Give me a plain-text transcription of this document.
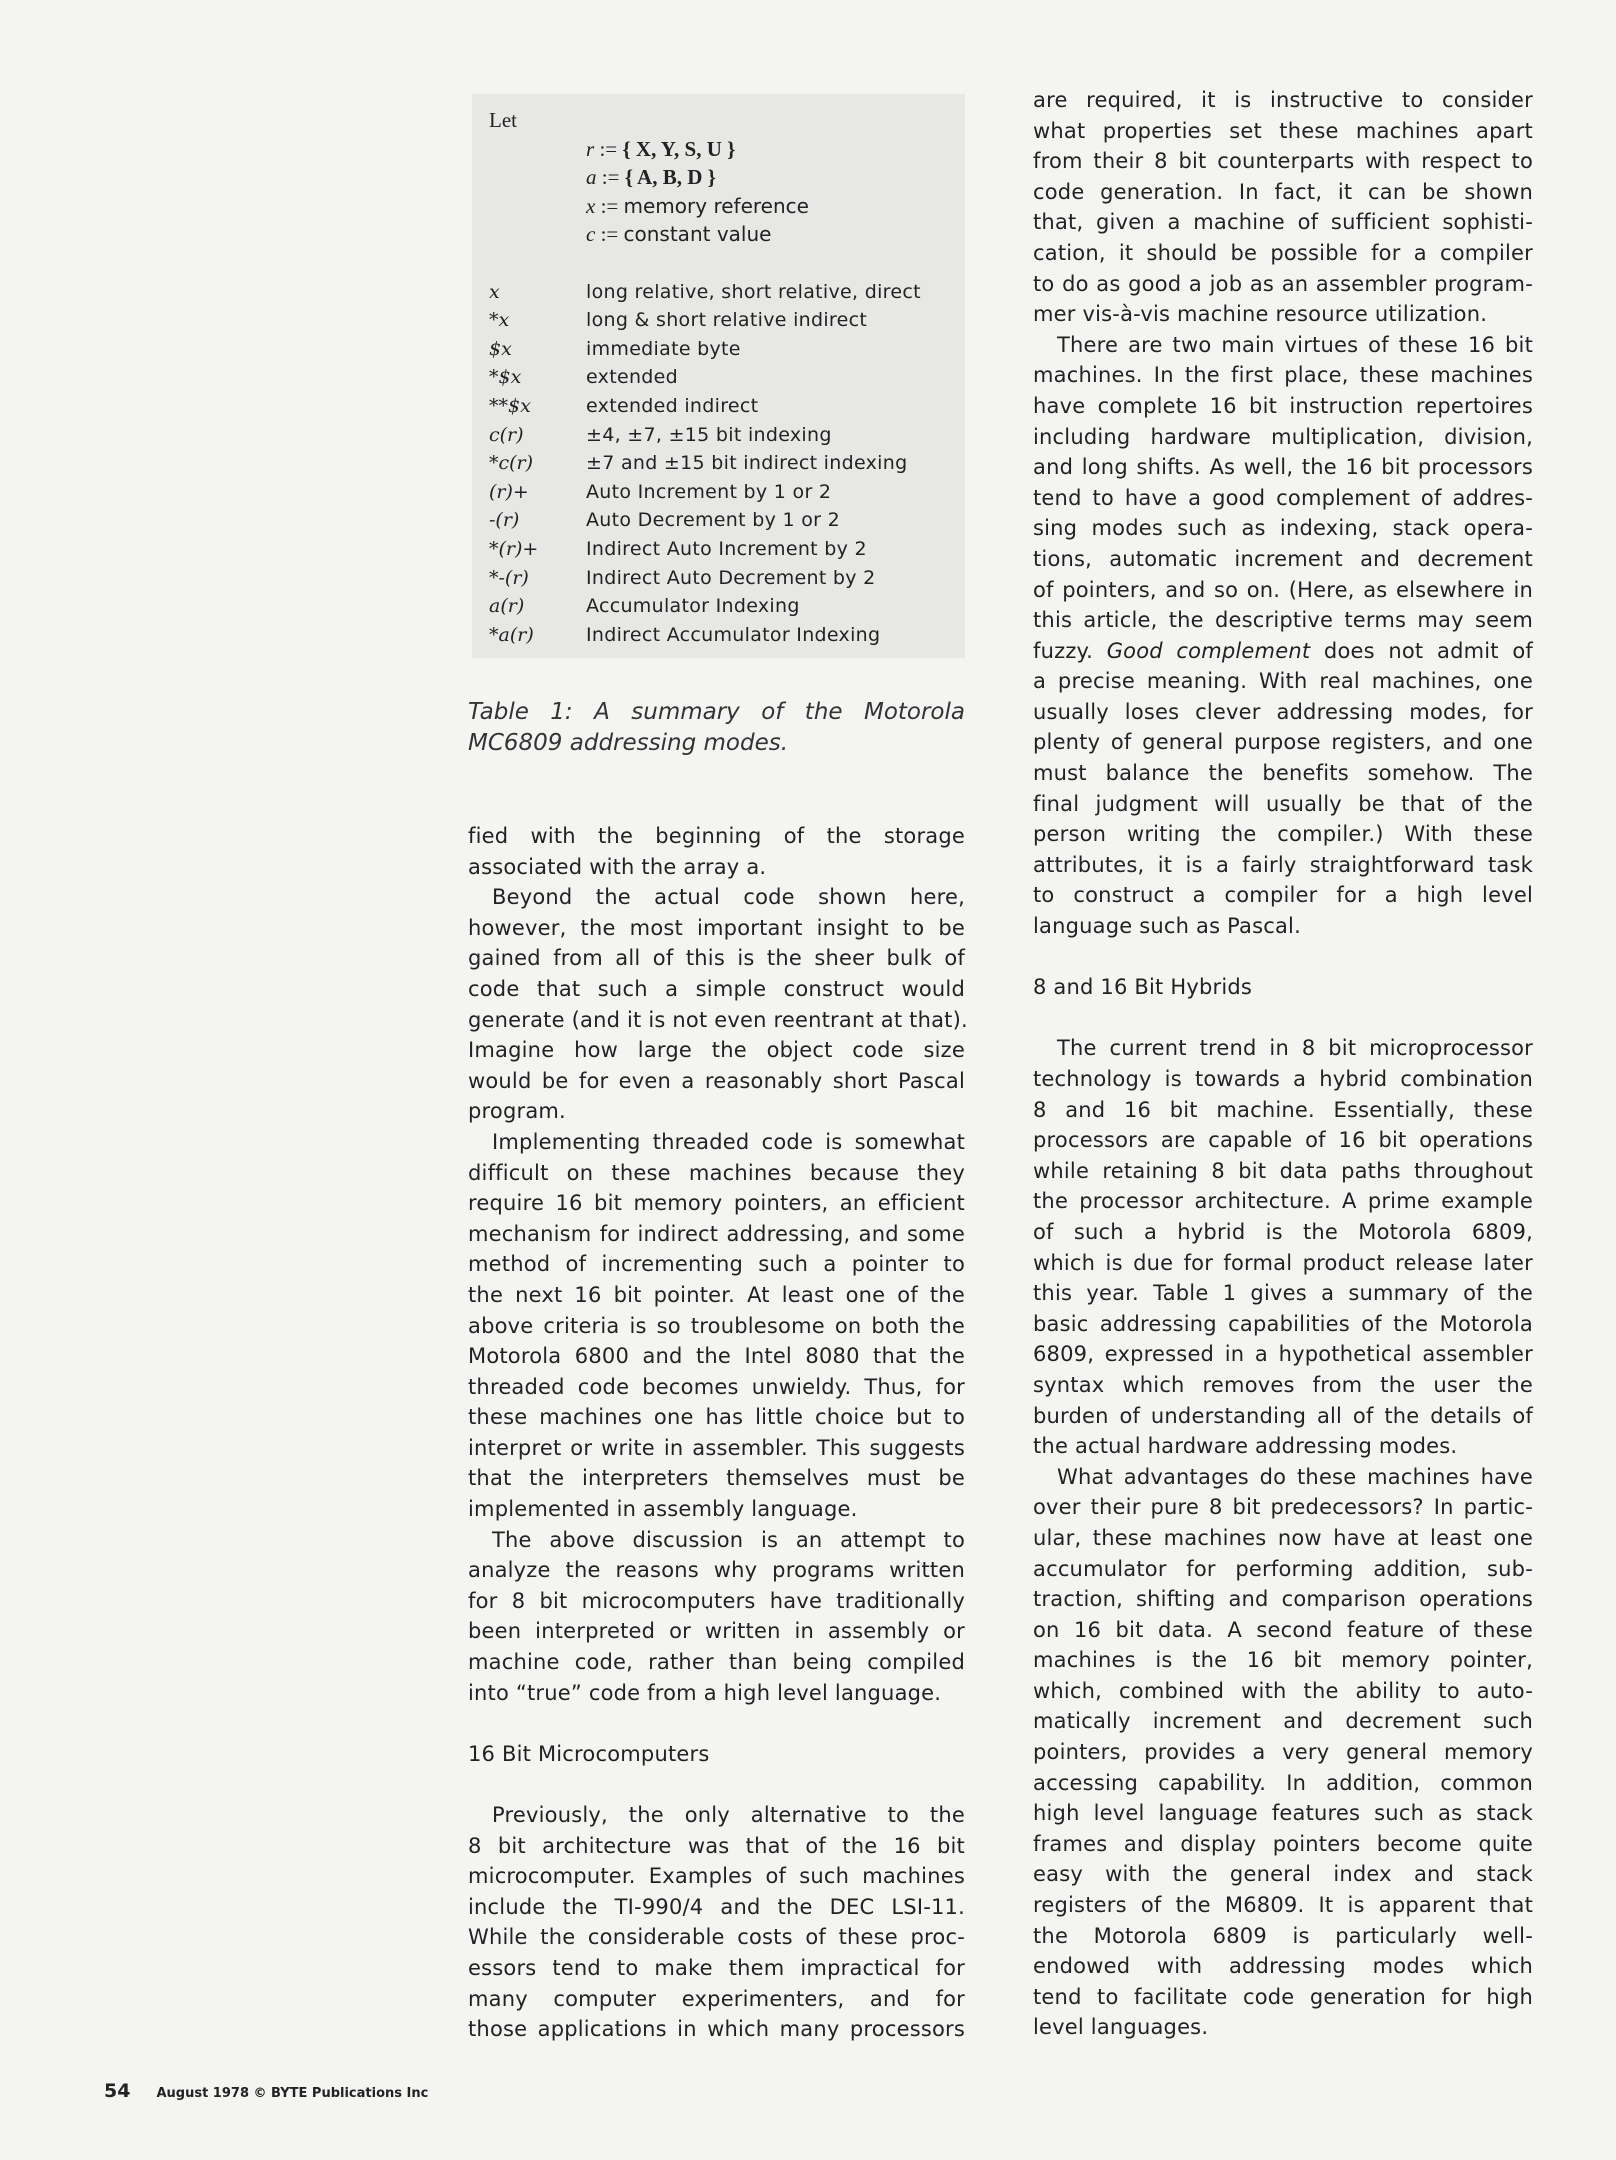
Let
r := { X, Y, S, U }
a := { A, B, D }
x := memory reference
c := constant value
x	long relative, short relative, direct
*x	long & short relative indirect
$x	immediate byte
*$x	extended
**$x	extended indirect
c(r)	±4, ±7, ±15 bit indexing
*c(r)	±7 and ±15 bit indirect indexing
(r)+	Auto Increment by 1 or 2
-(r)	Auto Decrement by 1 or 2
*(r)+	Indirect Auto Increment by 2
*-(r)	Indirect Auto Decrement by 2
a(r)	Accumulator Indexing
*a(r)	Indirect Accumulator Indexing
Table 1: A summary of the Motorola
MC6809 addressing modes.
fied with the beginning of the storage
associated with the array a.
Beyond the actual code shown here,
however, the most important insight to be
gained from all of this is the sheer bulk of
code that such a simple construct would
generate (and it is not even reentrant at that).
Imagine how large the object code size
would be for even a reasonably short Pascal
program.
Implementing threaded code is somewhat
difficult on these machines because they
require 16 bit memory pointers, an efficient
mechanism for indirect addressing, and some
method of incrementing such a pointer to
the next 16 bit pointer. At least one of the
above criteria is so troublesome on both the
Motorola 6800 and the Intel 8080 that the
threaded code becomes unwieldy. Thus, for
these machines one has little choice but to
interpret or write in assembler. This suggests
that the interpreters themselves must be
implemented in assembly language.
The above discussion is an attempt to
analyze the reasons why programs written
for 8 bit microcomputers have traditionally
been interpreted or written in assembly or
machine code, rather than being compiled
into “true” code from a high level language.
16 Bit Microcomputers
Previously, the only alternative to the
8 bit architecture was that of the 16 bit
microcomputer. Examples of such machines
include the TI-990/4 and the DEC LSI-11.
While the considerable costs of these proc-
essors tend to make them impractical for
many computer experimenters, and for
those applications in which many processors
are required, it is instructive to consider
what properties set these machines apart
from their 8 bit counterparts with respect to
code generation. In fact, it can be shown
that, given a machine of sufficient sophisti-
cation, it should be possible for a compiler
to do as good a job as an assembler program-
mer vis-à-vis machine resource utilization.
There are two main virtues of these 16 bit
machines. In the first place, these machines
have complete 16 bit instruction repertoires
including hardware multiplication, division,
and long shifts. As well, the 16 bit processors
tend to have a good complement of addres-
sing modes such as indexing, stack opera-
tions, automatic increment and decrement
of pointers, and so on. (Here, as elsewhere in
this article, the descriptive terms may seem
fuzzy. Good complement does not admit of
a precise meaning. With real machines, one
usually loses clever addressing modes, for
plenty of general purpose registers, and one
must balance the benefits somehow. The
final judgment will usually be that of the
person writing the compiler.) With these
attributes, it is a fairly straightforward task
to construct a compiler for a high level
language such as Pascal.
8 and 16 Bit Hybrids
The current trend in 8 bit microprocessor
technology is towards a hybrid combination
8 and 16 bit machine. Essentially, these
processors are capable of 16 bit operations
while retaining 8 bit data paths throughout
the processor architecture. A prime example
of such a hybrid is the Motorola 6809,
which is due for formal product release later
this year. Table 1 gives a summary of the
basic addressing capabilities of the Motorola
6809, expressed in a hypothetical assembler
syntax which removes from the user the
burden of understanding all of the details of
the actual hardware addressing modes.
What advantages do these machines have
over their pure 8 bit predecessors? In partic-
ular, these machines now have at least one
accumulator for performing addition, sub-
traction, shifting and comparison operations
on 16 bit data. A second feature of these
machines is the 16 bit memory pointer,
which, combined with the ability to auto-
matically increment and decrement such
pointers, provides a very general memory
accessing capability. In addition, common
high level language features such as stack
frames and display pointers become quite
easy with the general index and stack
registers of the M6809. It is apparent that
the Motorola 6809 is particularly well-
endowed with addressing modes which
tend to facilitate code generation for high
level languages.
54 August 1978 © BYTE Publications Inc
